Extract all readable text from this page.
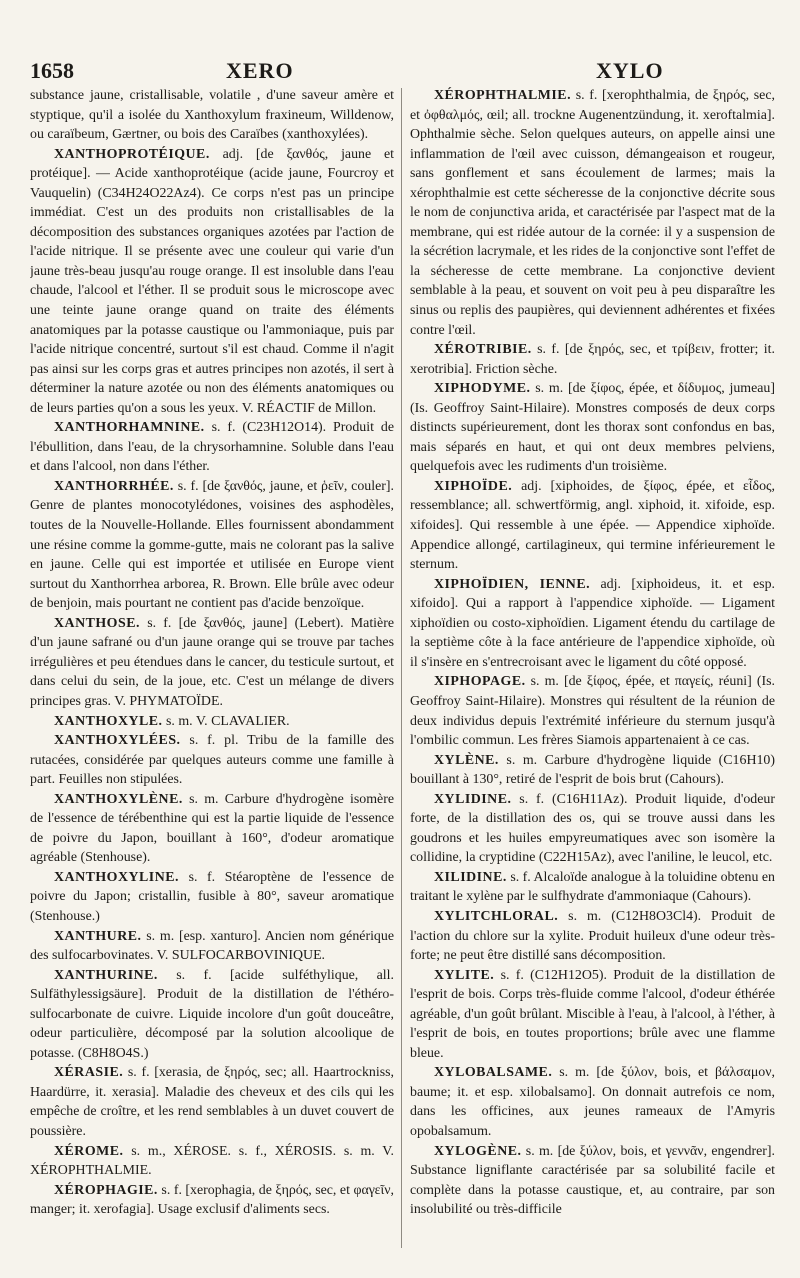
1658	XERO	XYLO

substance jaune, cristallisable, volatile , d'une saveur amère et styptique, qu'il a isolée du Xanthoxylum fraxineum, Willdenow, ou caraïbeum, Gærtner, ou bois des Caraïbes (xanthoxylées).

XANTHOPROTÉIQUE. adj. [de ξανθός, jaune et protéique]. — Acide xanthoprotéique (acide jaune, Fourcroy et Vauquelin) (C34H24O22Az4). Ce corps n'est pas un principe immédiat. C'est un des produits non cristallisables de la décomposition des substances organiques azotées par l'action de l'acide nitrique. Il se présente avec une couleur qui varie d'un jaune très-beau jusqu'au rouge orange. Il est insoluble dans l'eau chaude, l'alcool et l'éther. Il se produit sous le microscope avec une teinte jaune orange quand on traite des éléments anatomiques par la potasse caustique ou l'ammoniaque, puis par l'acide nitrique concentré, surtout s'il est chaud. Comme il n'agit pas ainsi sur les corps gras et autres principes non azotés, il sert à déterminer la nature azotée ou non des éléments anatomiques ou de leurs parties qu'on a sous les yeux. V. RÉACTIF de Millon.

XANTHORHAMNINE. s. f. (C23H12O14). Produit de l'ébullition, dans l'eau, de la chrysorhamnine. Soluble dans l'eau et dans l'alcool, non dans l'éther.

XANTHORRHÉE. s. f. [de ξανθός, jaune, et ῥεῖν, couler]. Genre de plantes monocotylédones, voisines des asphodèles, toutes de la Nouvelle-Hollande. Elles fournissent abondamment une résine comme la gomme-gutte, mais ne colorant pas la salive en jaune. Celle qui est importée et utilisée en Europe vient surtout du Xanthorrhea arborea, R. Brown. Elle brûle avec odeur de benjoin, mais pourtant ne contient pas d'acide benzoïque.

XANTHOSE. s. f. [de ξανθός, jaune] (Lebert). Matière d'un jaune safrané ou d'un jaune orange qui se trouve par taches irrégulières et peu étendues dans le cancer, du testicule surtout, et dans celui du sein, de la joue, etc. C'est un mélange de divers principes gras. V. PHYMATOÏDE.

XANTHOXYLE. s. m. V. CLAVALIER.

XANTHOXYLÉES. s. f. pl. Tribu de la famille des rutacées, considérée par quelques auteurs comme une famille à part. Feuilles non stipulées.

XANTHOXYLÈNE. s. m. Carbure d'hydrogène isomère de l'essence de térébenthine qui est la partie liquide de l'essence de poivre du Japon, bouillant à 160°, d'odeur aromatique agréable (Stenhouse).

XANTHOXYLINE. s. f. Stéaroptène de l'essence de poivre du Japon; cristallin, fusible à 80°, saveur aromatique (Stenhouse.)

XANTHURE. s. m. [esp. xanturo]. Ancien nom générique des sulfocarbovinates. V. SULFOCARBOVINIQUE.

XANTHURINE. s. f. [acide sulféthylique, all. Sulfäthylessigsäure]. Produit de la distillation de l'éthéro-sulfocarbonate de cuivre. Liquide incolore d'un goût douceâtre, odeur particulière, décomposé par la solution alcoolique de potasse. (C8H8O4S.)

XÉRASIE. s. f. [xerasia, de ξηρός, sec; all. Haartrockniss, Haardürre, it. xerasia]. Maladie des cheveux et des cils qui les empêche de croître, et les rend semblables à un duvet couvert de poussière.

XÉROME. s. m., XÉROSE. s. f., XÉROSIS. s. m. V. XÉROPHTHALMIE.

XÉROPHAGIE. s. f. [xerophagia, de ξηρός, sec, et φαγεῖν, manger; it. xerofagia]. Usage exclusif d'aliments secs.

XÉROPHTHALMIE. s. f. [xerophthalmia, de ξηρός, sec, et ὀφθαλμός, œil; all. trockne Augenentzündung, it. xeroftalmia]. Ophthalmie sèche. Selon quelques auteurs, on appelle ainsi une inflammation de l'œil avec cuisson, démangeaison et rougeur, sans gonflement et sans écoulement de larmes; mais la xérophthalmie est cette sécheresse de la conjonctive décrite sous le nom de conjunctiva arida, et caractérisée par l'aspect mat de la membrane, qui est ridée autour de la cornée: il y a suspension de la sécrétion lacrymale, et les rides de la conjonctive sont l'effet de la sécheresse de cette membrane. La conjonctive devient semblable à la peau, et souvent on voit peu à peu disparaître les sinus ou replis des paupières, qui deviennent adhérentes et fixées contre l'œil.

XÉROTRIBIE. s. f. [de ξηρός, sec, et τρίβειν, frotter; it. xerotribia]. Friction sèche.

XIPHODYME. s. m. [de ξίφος, épée, et δίδυμος, jumeau] (Is. Geoffroy Saint-Hilaire). Monstres composés de deux corps distincts supérieurement, dont les thorax sont confondus en bas, mais séparés en haut, et qui ont deux membres pelviens, quelquefois avec les rudiments d'un troisième.

XIPHOÏDE. adj. [xiphoides, de ξίφος, épée, et εἶδος, ressemblance; all. schwertförmig, angl. xiphoid, it. xifoide, esp. xifoides]. Qui ressemble à une épée. — Appendice xiphoïde. Appendice allongé, cartilagineux, qui termine inférieurement le sternum.

XIPHOÏDIEN, IENNE. adj. [xiphoideus, it. et esp. xifoido]. Qui a rapport à l'appendice xiphoïde. — Ligament xiphoïdien ou costo-xiphoïdien. Ligament étendu du cartilage de la septième côte à la face antérieure de l'appendice xiphoïde, où il s'insère en s'entrecroisant avec le ligament du côté opposé.

XIPHOPAGE. s. m. [de ξίφος, épée, et παγείς, réuni] (Is. Geoffroy Saint-Hilaire). Monstres qui résultent de la réunion de deux individus depuis l'extrémité inférieure du sternum jusqu'à l'ombilic commun. Les frères Siamois appartenaient à ce cas.

XYLÈNE. s. m. Carbure d'hydrogène liquide (C16H10) bouillant à 130°, retiré de l'esprit de bois brut (Cahours).

XYLIDINE. s. f. (C16H11Az). Produit liquide, d'odeur forte, de la distillation des os, qui se trouve aussi dans les goudrons et les huiles empyreumatiques avec son isomère la collidine, la cryptidine (C22H15Az), avec l'aniline, le leucol, etc.

XILIDINE. s. f. Alcaloïde analogue à la toluidine obtenu en traitant le xylène par le sulfhydrate d'ammoniaque (Cahours).

XYLITCHLORAL. s. m. (C12H8O3Cl4). Produit de l'action du chlore sur la xylite. Produit huileux d'une odeur très-forte; ne peut être distillé sans décomposition.

XYLITE. s. f. (C12H12O5). Produit de la distillation de l'esprit de bois. Corps très-fluide comme l'alcool, d'odeur éthérée agréable, d'un goût brûlant. Miscible à l'eau, à l'alcool, à l'éther, à l'esprit de bois, en toutes proportions; brûle avec une flamme bleue.

XYLOBALSAME. s. m. [de ξύλον, bois, et βάλσαμον, baume; it. et esp. xilobalsamo]. On donnait autrefois ce nom, dans les officines, aux jeunes rameaux de l'Amyris opobalsamum.

XYLOGÈNE. s. m. [de ξύλον, bois, et γεννᾶν, engendrer]. Substance ligniflante caractérisée par sa solubilité facile et complète dans la potasse caustique, et, au contraire, par son insolubilité ou très-difficile
